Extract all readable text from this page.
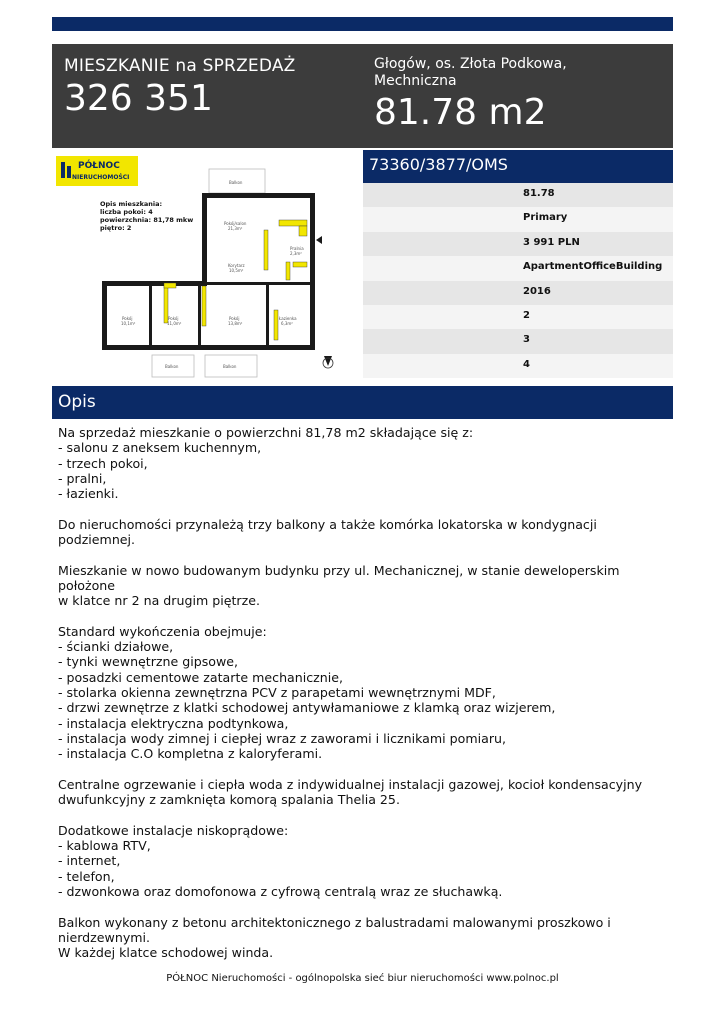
MIESZKANIE na SPRZEDAŻ
326 351
Głogów, os. Złota Podkowa,
Mechniczna
81.78 m2
PÓŁNOC
NIERUCHOMOŚCI
Opis mieszkania:
liczba pokoi: 4
powierzchnia: 81,78 mkw
piętro: 2
Balkon
Pokój/salon
21,3m²
Korytarz
10,5m²
Pralnia
2,3m²
Pokój
10,1m²
Pokój
11,0m²
Pokój
13,8m²
Łazienka
6,3m²
Balkon	Balkon
73360/3877/OMS
81.78
Primary
3 991 PLN
ApartmentOfficeBuilding
2016
2
3
4
Opis

Na sprzedaż mieszkanie o powierzchni 81,78 m2 składające się z:
- salonu z aneksem kuchennym,
- trzech pokoi,
- pralni,
- łazienki.

Do nieruchomości przynależą trzy balkony a także komórka lokatorska w kondygnacji podziemnej.

Mieszkanie w nowo budowanym budynku przy ul. Mechanicznej, w stanie deweloperskim położone
w klatce nr 2 na drugim piętrze.

Standard wykończenia obejmuje:
- ścianki działowe,
- tynki wewnętrzne gipsowe,
- posadzki cementowe zatarte mechanicznie,
- stolarka okienna zewnętrzna PCV z parapetami wewnętrznymi MDF,
- drzwi zewnętrze z klatki schodowej antywłamaniowe z klamką oraz wizjerem,
- instalacja elektryczna podtynkowa,
- instalacja wody zimnej i ciepłej wraz z zaworami i licznikami pomiaru,
- instalacja C.O kompletna z kaloryferami.

Centralne ogrzewanie i ciepła woda z indywidualnej instalacji gazowej, kocioł kondensacyjny
dwufunkcyjny z zamknięta komorą spalania Thelia 25.

Dodatkowe instalacje niskoprądowe:
- kablowa RTV,
- internet,
- telefon,
- dzwonkowa oraz domofonowa z cyfrową centralą wraz ze słuchawką.

Balkon wykonany z betonu architektonicznego z balustradami malowanymi proszkowo i
nierdzewnymi.
W każdej klatce schodowej winda.

PÓŁNOC Nieruchomości - ogólnopolska sieć biur nieruchomości www.polnoc.pl
